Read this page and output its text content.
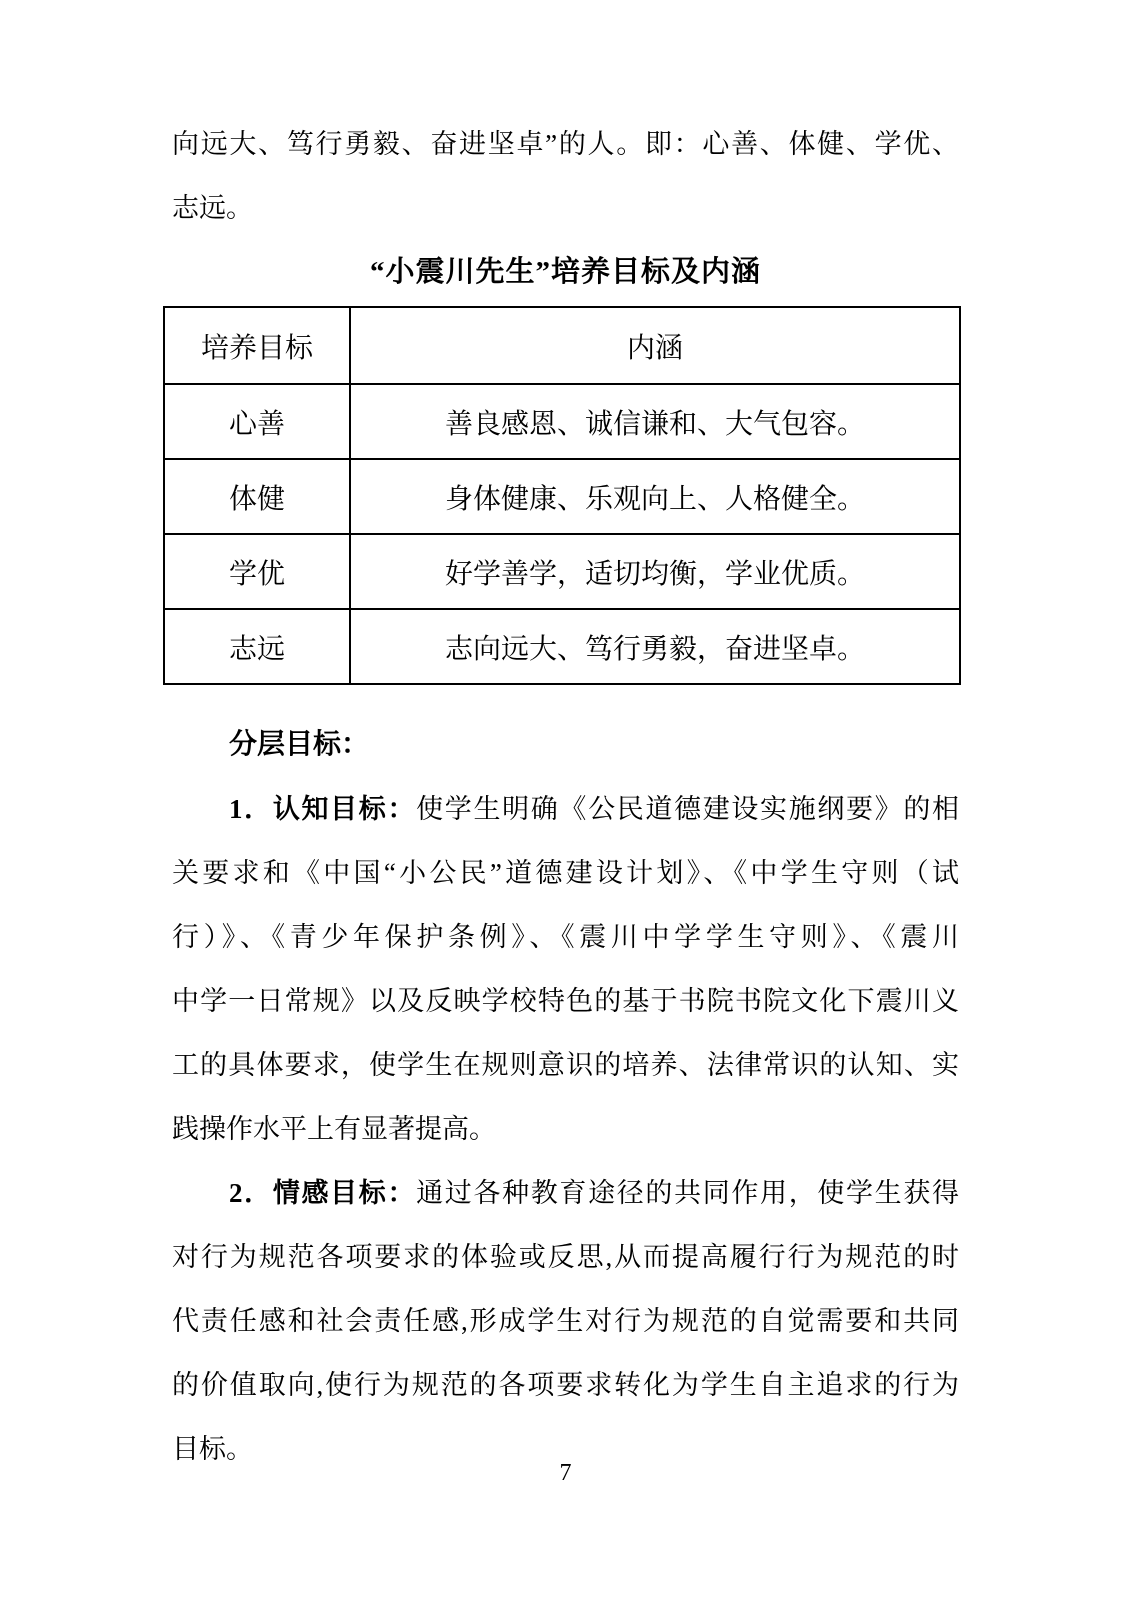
向远大、笃行勇毅、奋进坚卓”的人。即：心善、体健、学优、
志远。
“小震川先生”培养目标及内涵
培养目标	内涵
心善	善良感恩、诚信谦和、大气包容。
体健	身体健康、乐观向上、人格健全。
学优	好学善学，适切均衡，学业优质。
志远	志向远大、笃行勇毅，奋进坚卓。
分层目标：
1．认知目标：使学生明确《公民道德建设实施纲要》的相
关要求和《中国“小公民”道德建设计划》、《中学生守则（试
行）》、《青少年保护条例》、《震川中学学生守则》、《震川
中学一日常规》以及反映学校特色的基于书院书院文化下震川义
工的具体要求，使学生在规则意识的培养、法律常识的认知、实
践操作水平上有显著提高。
2．情感目标：通过各种教育途径的共同作用，使学生获得
对行为规范各项要求的体验或反思,从而提高履行行为规范的时
代责任感和社会责任感,形成学生对行为规范的自觉需要和共同
的价值取向,使行为规范的各项要求转化为学生自主追求的行为
目标。
7
